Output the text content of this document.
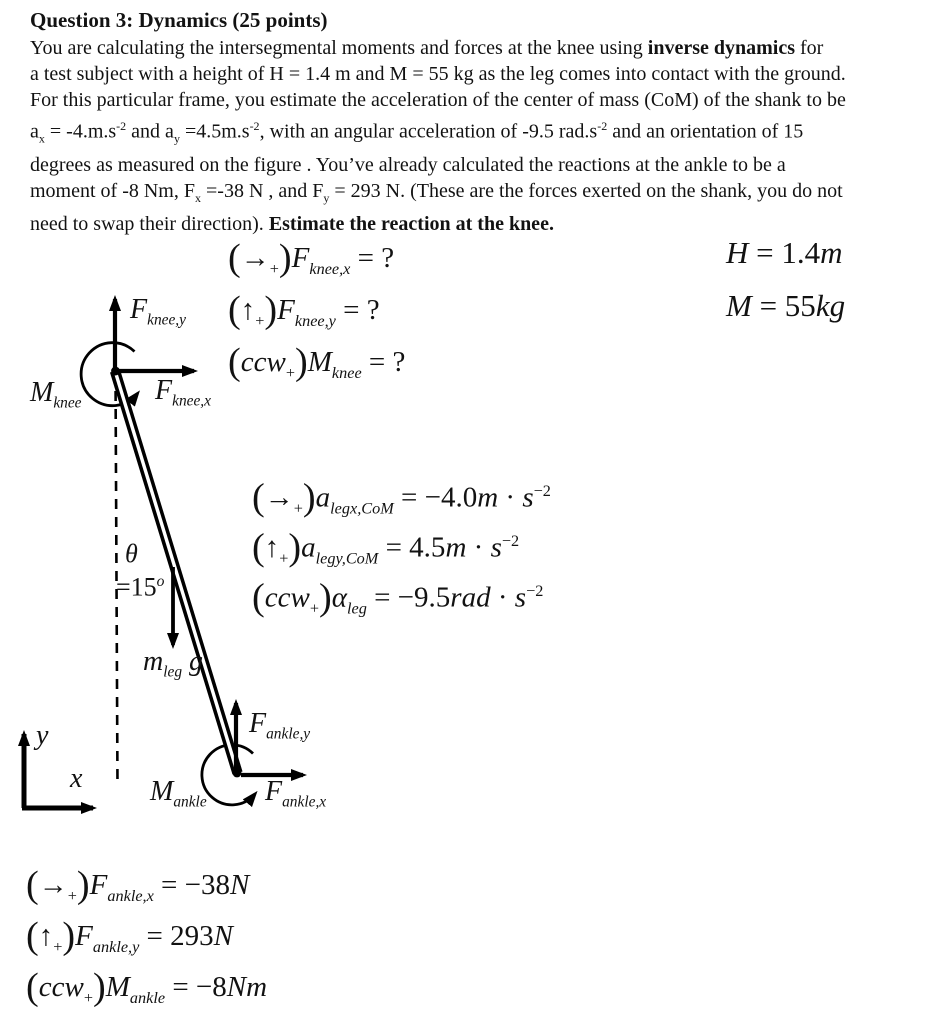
Question 3: Dynamics (25 points)
You are calculating the intersegmental moments and forces at the knee using inverse dynamics for
a test subject with a height of H = 1.4 m and M = 55 kg as the leg comes into contact with the ground.
For this particular frame, you estimate the acceleration of the center of mass (CoM) of the shank to be
$a_x = -4.m.s^{-2}$ and $a_y =4.5m.s^{-2}$, with an angular acceleration of -9.5 $rad.s^{-2}$ and an orientation of 15
degrees as measured on the figure . You’ve already calculated the reactions at the ankle to be a
moment of -8 Nm, $F_x =-38$ N , and $F_y = 293$ N. (These are the forces exerted on the shank, you do not
need to swap their direction). Estimate the reaction at the knee.
$(\to_+)F_{knee,x}$ = ?
$(↑_+)F_{knee,y}$ = ?
$(ccw_+)M_{knee}$ = ?
H = 1.4m
M = 55kg
$(\to_+)a_{legx,CoM} = -4.0m \cdot s^{-2}$
$(↑_+)a_{legy,CoM} = 4.5m \cdot s^{-2}$
$(ccw_+)\alpha_{leg} = -9.5rad \cdot s^{-2}$
$(\to_+)F_{ankle,x} = -38N$
$(↑_+)F_{ankle,y} = 293N$
$(ccw_+)M_{ankle} = -8Nm$
$M_{knee}$
$F_{knee,y}$
$F_{knee,x}$
θ
$=15^o$
$m_{leg}$ g
$F_{ankle,y}$
$F_{ankle,x}$
$M_{ankle}$
y
x
